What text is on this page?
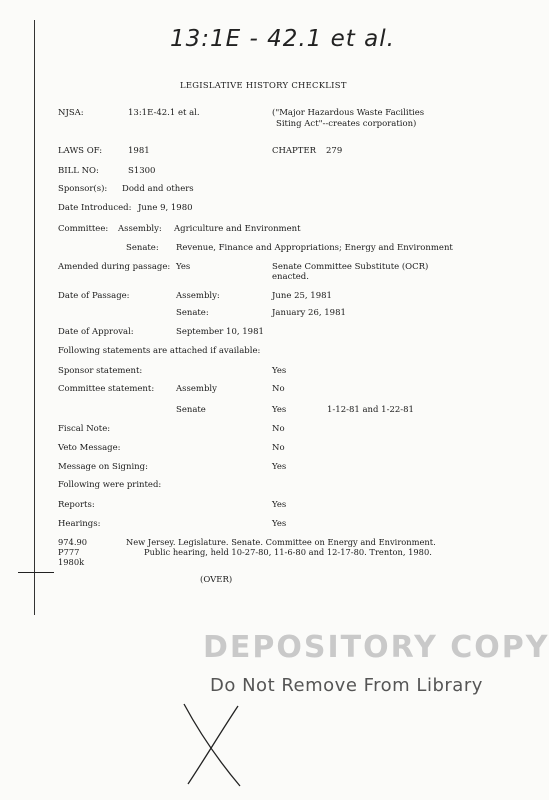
13:1E - 42.1 et al.
LEGISLATIVE HISTORY CHECKLIST
NJSA:	13:1E-42.1 et al.	("Major Hazardous Waste Facilities
Siting Act"--creates corporation)
LAWS OF:	1981	CHAPTER 279
BILL NO:	S1300
Sponsor(s): Dodd and others
Date Introduced: June 9, 1980
Committee: Assembly: Agriculture and Environment
Senate: Revenue, Finance and Appropriations; Energy and Environment
Amended during passage: Yes	Senate Committee Substitute (OCR)
enacted.
Date of Passage:	Assembly:	June 25, 1981
Senate:	January 26, 1981
Date of Approval:	September 10, 1981
Following statements are attached if available:
Sponsor statement:	Yes
Committee statement:	Assembly	No
Senate	Yes	1-12-81 and 1-22-81
Fiscal Note:	No
Veto Message:	No
Message on Signing:	Yes
Following were printed:
Reports:	Yes
Hearings:	Yes
974.90
P777
1980k
New Jersey. Legislature. Senate. Committee on Energy and Environment.
Public hearing, held 10-27-80, 11-6-80 and 12-17-80. Trenton, 1980.
(OVER)
DEPOSITORY COPY
Do Not Remove From Library
